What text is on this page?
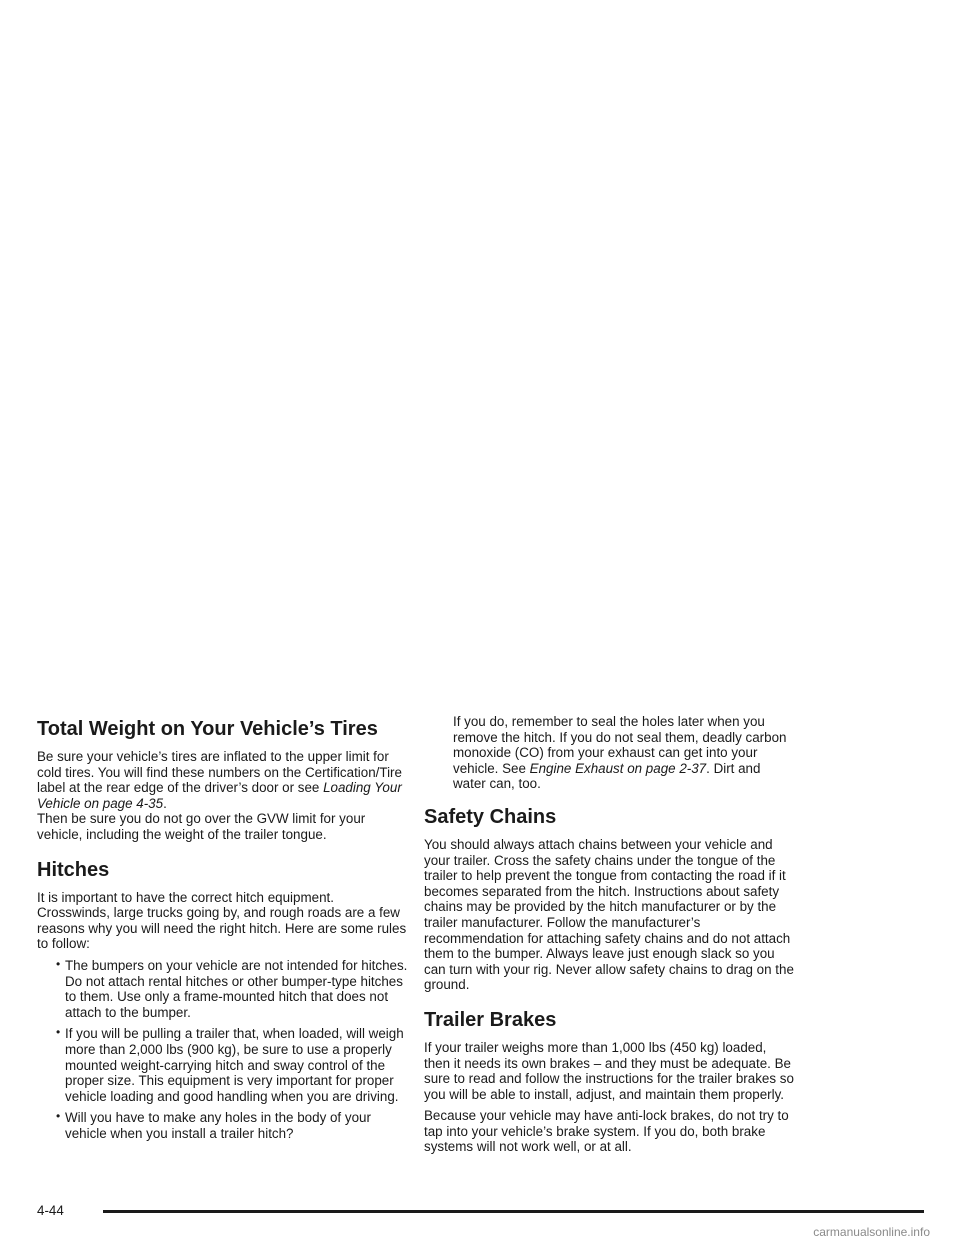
Total Weight on Your Vehicle’s Tires

Be sure your vehicle’s tires are inflated to the upper limit for cold tires. You will find these numbers on the Certification/Tire label at the rear edge of the driver’s door or see Loading Your Vehicle on page 4-35.

Then be sure you do not go over the GVW limit for your vehicle, including the weight of the trailer tongue.

Hitches

It is important to have the correct hitch equipment. Crosswinds, large trucks going by, and rough roads are a few reasons why you will need the right hitch. Here are some rules to follow:

• The bumpers on your vehicle are not intended for hitches. Do not attach rental hitches or other bumper-type hitches to them. Use only a frame-mounted hitch that does not attach to the bumper.
• If you will be pulling a trailer that, when loaded, will weigh more than 2,000 lbs (900 kg), be sure to use a properly mounted weight-carrying hitch and sway control of the proper size. This equipment is very important for proper vehicle loading and good handling when you are driving.
• Will you have to make any holes in the body of your vehicle when you install a trailer hitch?

If you do, remember to seal the holes later when you remove the hitch. If you do not seal them, deadly carbon monoxide (CO) from your exhaust can get into your vehicle. See Engine Exhaust on page 2-37. Dirt and water can, too.

Safety Chains

You should always attach chains between your vehicle and your trailer. Cross the safety chains under the tongue of the trailer to help prevent the tongue from contacting the road if it becomes separated from the hitch. Instructions about safety chains may be provided by the hitch manufacturer or by the trailer manufacturer. Follow the manufacturer’s recommendation for attaching safety chains and do not attach them to the bumper. Always leave just enough slack so you can turn with your rig. Never allow safety chains to drag on the ground.

Trailer Brakes

If your trailer weighs more than 1,000 lbs (450 kg) loaded, then it needs its own brakes – and they must be adequate. Be sure to read and follow the instructions for the trailer brakes so you will be able to install, adjust, and maintain them properly.

Because your vehicle may have anti-lock brakes, do not try to tap into your vehicle’s brake system. If you do, both brake systems will not work well, or at all.

4-44
carmanualsonline.info
